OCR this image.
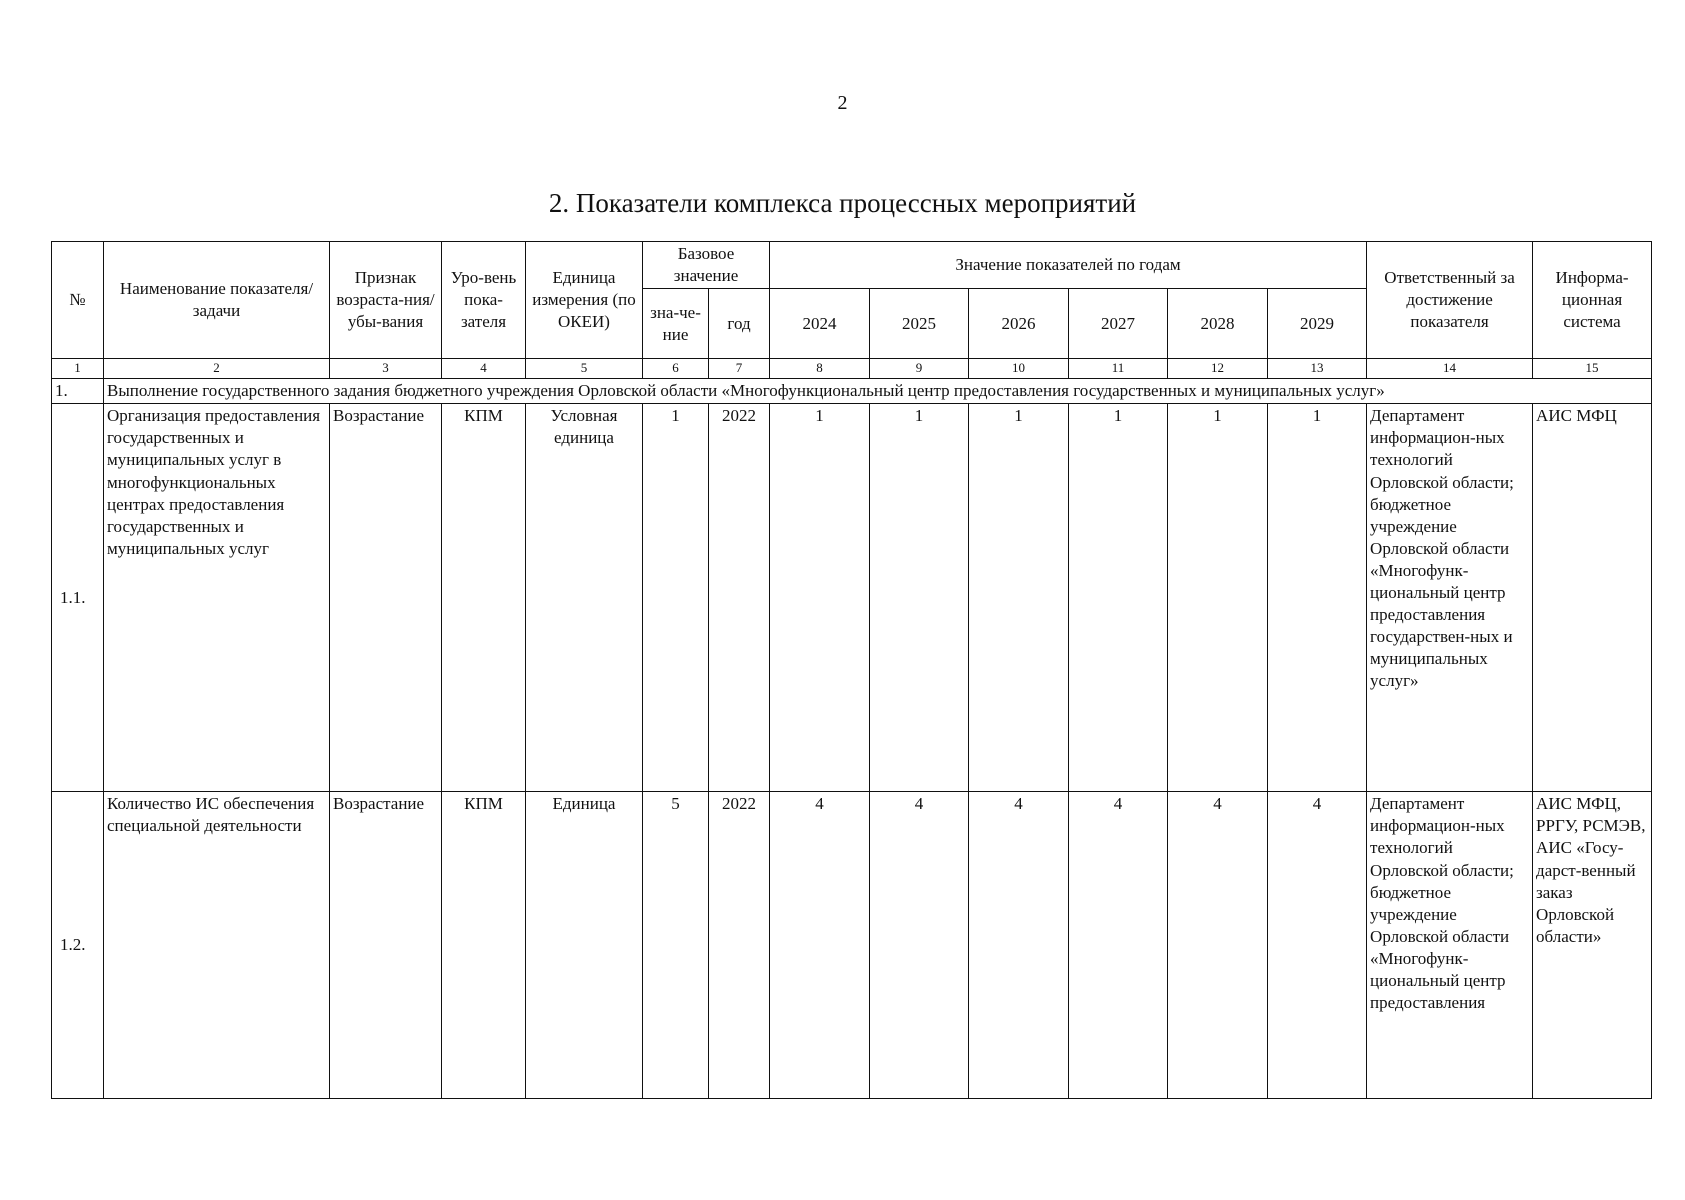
2
2. Показатели комплекса процессных мероприятий
№	Наименование показателя/задачи	Признак возраста-ния/убы-вания	Уро-вень пока-зателя	Единица измерения (по ОКЕИ)	Базовое значение		Значение показателей по годам						Ответственный за достижение показателя	Информа-ционная система
					зна-че-ние	год	2024	2025	2026	2027	2028	2029		
1	2	3	4	5	6	7	8	9	10	11	12	13	14	15
1.	Выполнение государственного задания бюджетного учреждения Орловской области «Многофункциональный центр предоставления государственных и муниципальных услуг»													
1.1.	Организация предоставления государственных и муниципальных услуг в многофункциональных центрах предоставления государственных и муниципальных услуг	Возрастание	КПМ	Условная единица	1	2022	1	1	1	1	1	1	Департамент информацион-ных технологий Орловской области; бюджетное учреждение Орловской области «Многофунк-циональный центр предоставления государствен-ных и муниципальных услуг»	АИС МФЦ
1.2.	Количество ИС обеспечения специальной деятельности	Возрастание	КПМ	Единица	5	2022	4	4	4	4	4	4	Департамент информацион-ных технологий Орловской области; бюджетное учреждение Орловской области «Многофунк-циональный центр предоставления	АИС МФЦ, РРГУ, РСМЭВ, АИС «Госу-дарст-венный заказ Орловской области»
